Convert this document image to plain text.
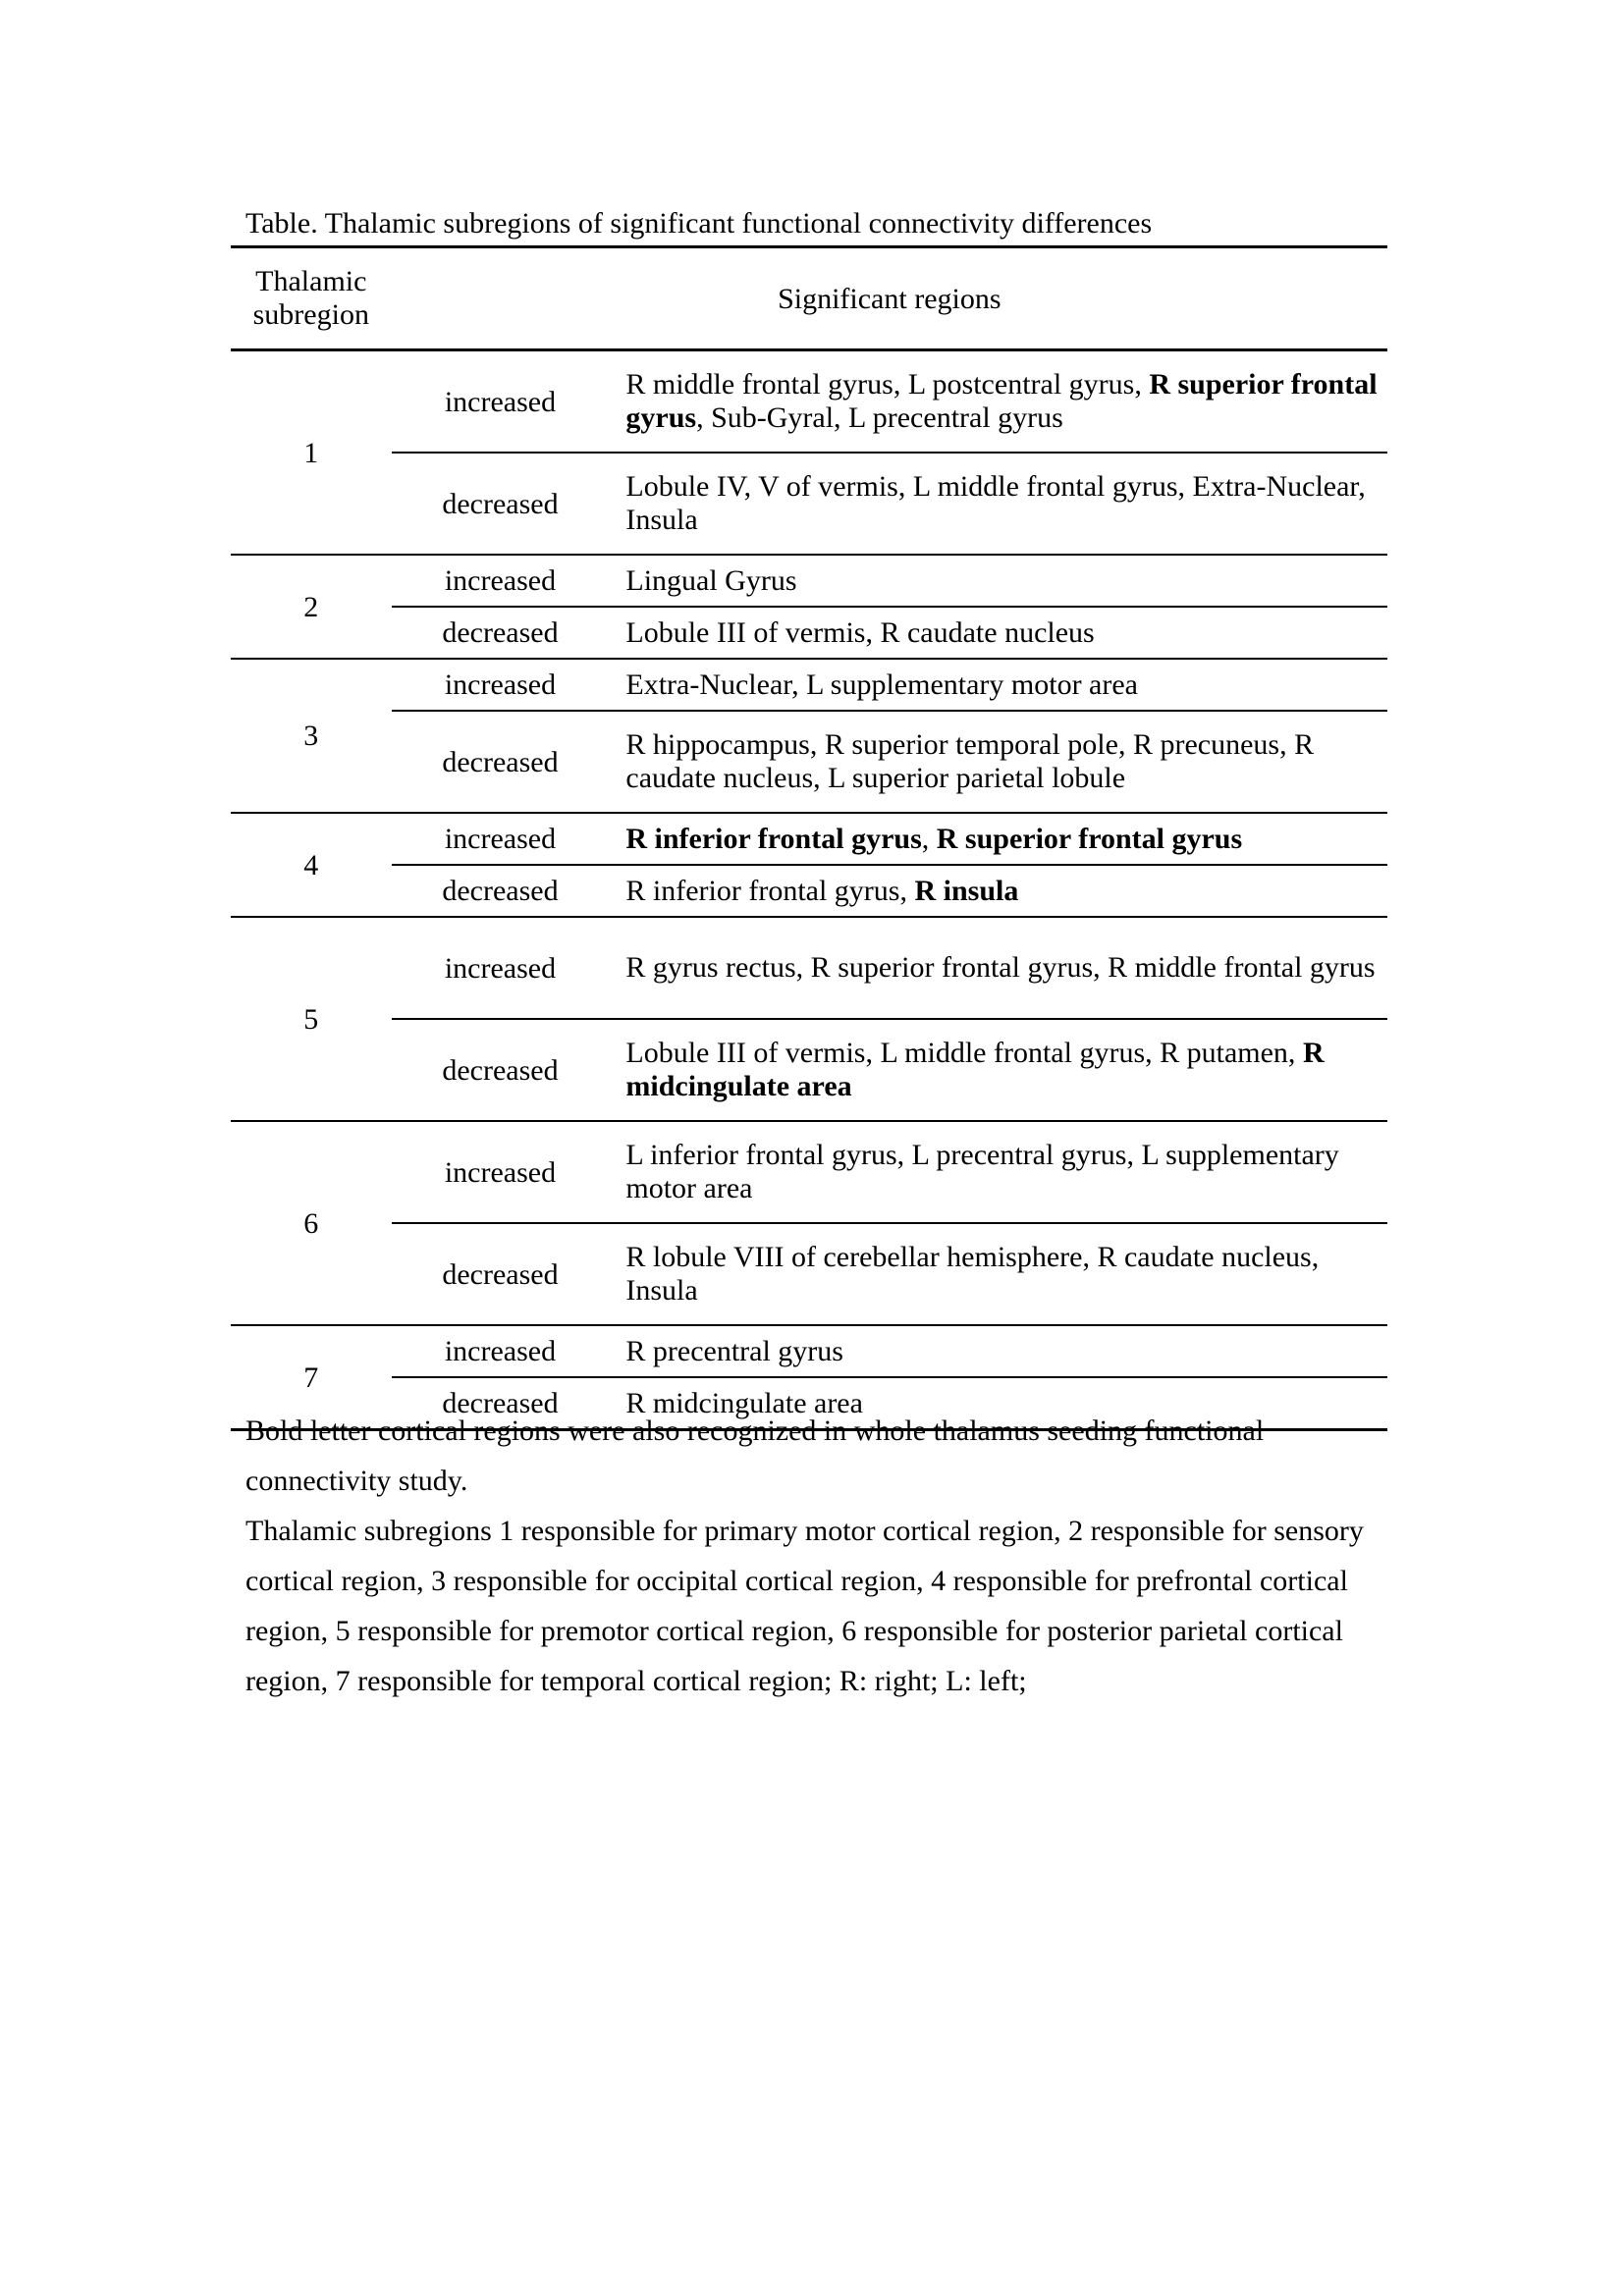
Table. Thalamic subregions of significant functional connectivity differences
Thalamic
subregion	Significant regions	
1	increased	R middle frontal gyrus, L postcentral gyrus, R superior frontal gyrus, Sub-Gyral, L precentral gyrus

	decreased	Lobule IV, V of vermis, L middle frontal gyrus, Extra-Nuclear, Insula

2	increased	Lingual Gyrus

	decreased	Lobule III of vermis, R caudate nucleus

3	increased	Extra-Nuclear, L supplementary motor area

	decreased	R hippocampus, R superior temporal pole, R precuneus, R caudate nucleus, L superior parietal lobule

4	increased	R inferior frontal gyrus, R superior frontal gyrus

	decreased	R inferior frontal gyrus, R insula

5	increased	R gyrus rectus, R superior frontal gyrus, R middle frontal gyrus

	decreased	Lobule III of vermis, L middle frontal gyrus, R putamen, R midcingulate area

6	increased	L inferior frontal gyrus, L precentral gyrus, L supplementary motor area

	decreased	R lobule VIII of cerebellar hemisphere, R caudate nucleus, Insula

7	increased	R precentral gyrus

	decreased	R midcingulate area

Bold letter cortical regions were also recognized in whole thalamus seeding functional connectivity study.

Thalamic subregions 1 responsible for primary motor cortical region, 2 responsible for sensory cortical region, 3 responsible for occipital cortical region, 4 responsible for prefrontal cortical region, 5 responsible for premotor cortical region, 6 responsible for posterior parietal cortical region, 7 responsible for temporal cortical region; R: right; L: left;
